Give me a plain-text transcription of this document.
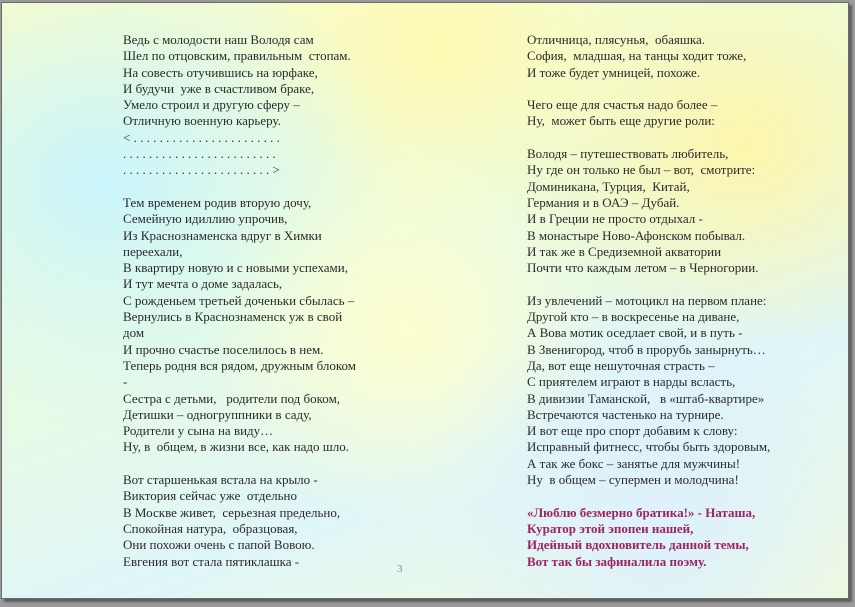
Ведь с молодости наш Володя сам
Шел по отцовским, правильным  стопам.
На совесть отучившись на юрфаке,
И будучи  уже в счастливом браке,
Умело строил и другую сферу –
Отличную военную карьеру.
< . . . . . . . . . . . . . . . . . . . . . . .
. . . . . . . . . . . . . . . . . . . . . . . .
. . . . . . . . . . . . . . . . . . . . . . . >
Тем временем родив вторую дочу,
Семейную идиллию упрочив,
Из Краснознаменска вдруг в Химки
переехали,
В квартиру новую и с новыми успехами,
И тут мечта о доме задалась,
С рожденьем третьей доченьки сбылась –
Вернулись в Краснознаменск уж в свой
дом
И прочно счастье поселилось в нем.
Теперь родня вся рядом, дружным блоком
-
Сестра с детьми,   родители под боком,
Детишки – одногруппники в саду,
Родители у сына на виду…
Ну, в  общем, в жизни все, как надо шло.
Вот старшенькая встала на крыло -
Виктория сейчас уже  отдельно
В Москве живет,  серьезная предельно,
Спокойная натура,  образцовая,
Они похожи очень с папой Вовою.
Евгения вот стала пятиклашка -
Отличница, плясунья,  обаяшка.
София,  младшая, на танцы ходит тоже,
И тоже будет умницей, похоже.
Чего еще для счастья надо более –
Ну,  может быть еще другие роли:
Володя – путешествовать любитель,
Ну где он только не был – вот,  смотрите:
Доминикана, Турция,  Китай,
Германия и в ОАЭ – Дубай.
И в Греции не просто отдыхал -
В монастыре Ново-Афонском побывал.
И так же в Средиземной акватории
Почти что каждым летом – в Черногории.
Из увлечений – мотоцикл на первом плане:
Другой кто – в воскресенье на диване,
А Вова мотик оседлает свой, и в путь -
В Звенигород, чтоб в прорубь занырнуть…
Да, вот еще нешуточная страсть –
С приятелем играют в нарды всласть,
В дивизии Таманской,   в «штаб-квартире»
Встречаются частенько на турнире.
И вот еще про спорт добавим к слову:
Исправный фитнесс, чтобы быть здоровым,
А так же бокс – занятье для мужчины!
Ну  в общем – супермен и молодчина!
«Люблю безмерно братика!» - Наташа,
Куратор этой эпопеи нашей,
Идейный вдохновитель данной темы,
Вот так бы зафиналила поэму.
3
